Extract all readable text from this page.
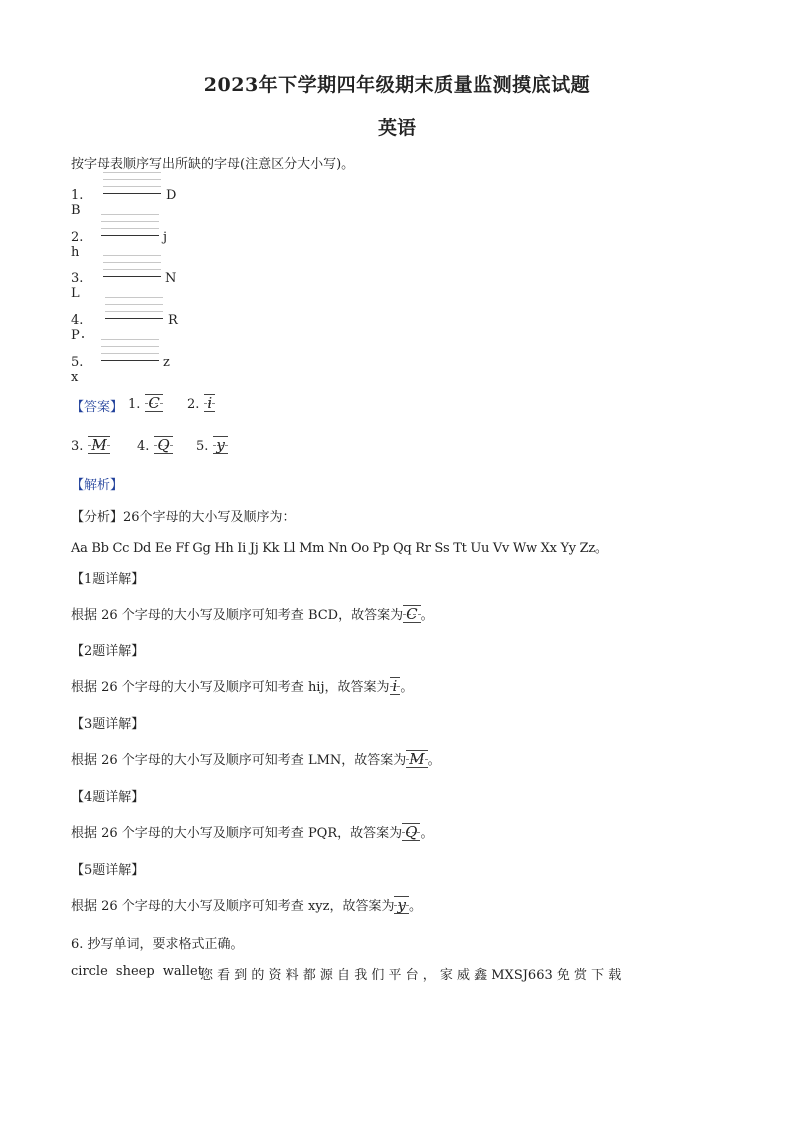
2023年下学期四年级期末质量监测摸底试题
英语
按字母表顺序写出所缺的字母(注意区分大小写)。
1. B
D
2. h
j
3. L
N
4. P
R
5. x
z
【答案】 1. C 2. i
3. M 4. Q 5. y
【解析】
【分析】26个字母的大小写及顺序为：
Aa Bb Cc Dd Ee Ff Gg Hh Ii Jj Kk Ll Mm Nn Oo Pp Qq Rr Ss Tt Uu Vv Ww Xx Yy Zz。
【1题详解】
根据 26 个字母的大小写及顺序可知考查 BCD，故答案为 C 。
【2题详解】
根据 26 个字母的大小写及顺序可知考查 hij，故答案为 i 。
【3题详解】
根据 26 个字母的大小写及顺序可知考查 LMN，故答案为 M 。
【4题详解】
根据 26 个字母的大小写及顺序可知考查 PQR，故答案为 Q 。
【5题详解】
根据 26 个字母的大小写及顺序可知考查 xyz，故答案为 y 。
6. 抄写单词，要求格式正确。
circle sheep wallet
您 看 到 的 资 料 都 源 自 我 们 平 台 ， 家 威 鑫 MXSJ663 免 赏 下 载
